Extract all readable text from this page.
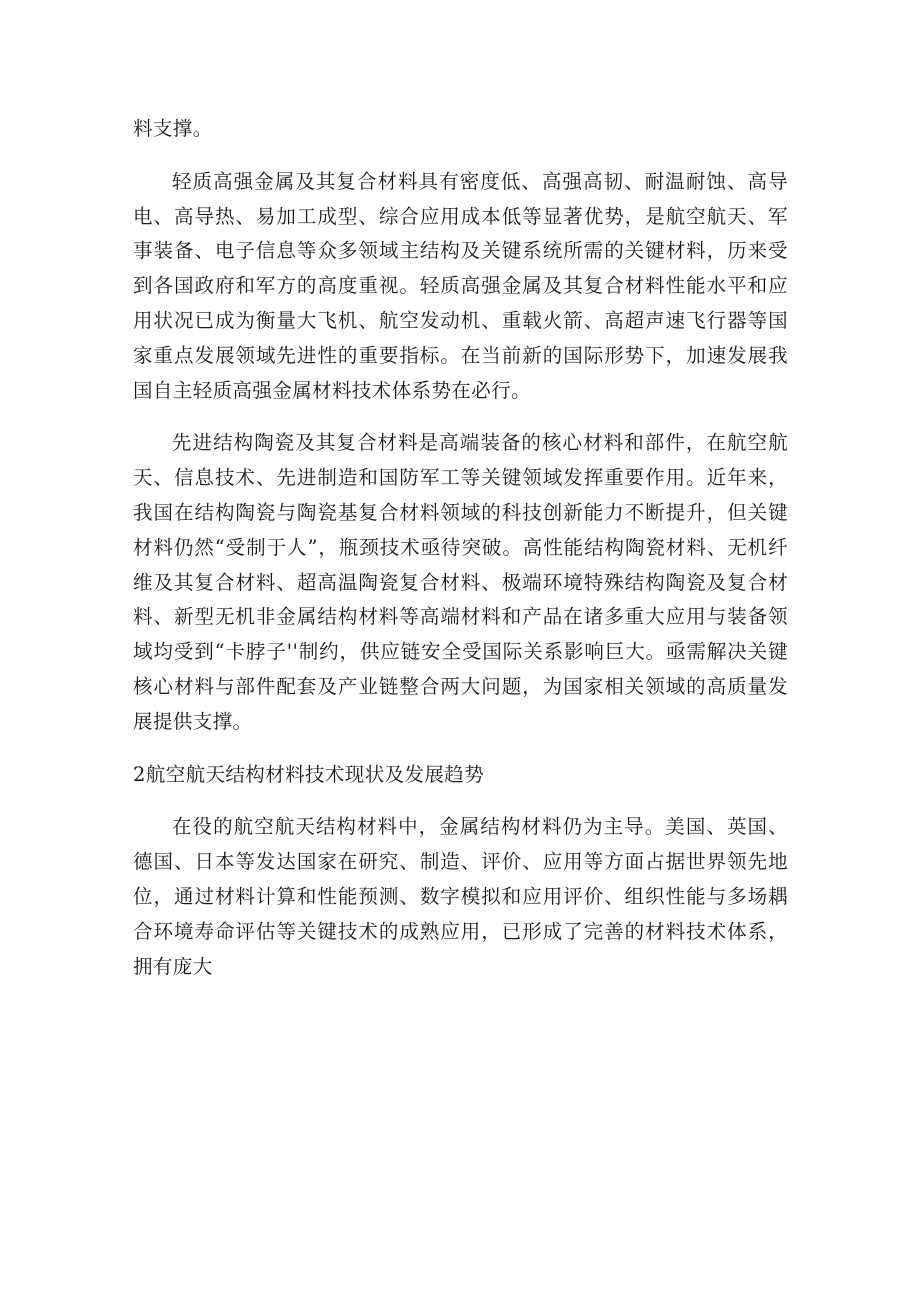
料支撑。

轻质高强金属及其复合材料具有密度低、高强高韧、耐温耐蚀、高导电、高导热、易加工成型、综合应用成本低等显著优势，是航空航天、军事装备、电子信息等众多领域主结构及关键系统所需的关键材料，历来受到各国政府和军方的高度重视。轻质高强金属及其复合材料性能水平和应用状况已成为衡量大飞机、航空发动机、重载火箭、高超声速飞行器等国家重点发展领域先进性的重要指标。在当前新的国际形势下，加速发展我国自主轻质高强金属材料技术体系势在必行。

先进结构陶瓷及其复合材料是高端装备的核心材料和部件，在航空航天、信息技术、先进制造和国防军工等关键领域发挥重要作用。近年来，我国在结构陶瓷与陶瓷基复合材料领域的科技创新能力不断提升，但关键材料仍然“受制于人”，瓶颈技术亟待突破。高性能结构陶瓷材料、无机纤维及其复合材料、超高温陶瓷复合材料、极端环境特殊结构陶瓷及复合材料、新型无机非金属结构材料等高端材料和产品在诸多重大应用与装备领域均受到“卡脖子''制约，供应链安全受国际关系影响巨大。亟需解决关键核心材料与部件配套及产业链整合两大问题，为国家相关领域的高质量发展提供支撑。

2航空航天结构材料技术现状及发展趋势

在役的航空航天结构材料中，金属结构材料仍为主导。美国、英国、德国、日本等发达国家在研究、制造、评价、应用等方面占据世界领先地位，通过材料计算和性能预测、数字模拟和应用评价、组织性能与多场耦合环境寿命评估等关键技术的成熟应用，已形成了完善的材料技术体系，拥有庞大
